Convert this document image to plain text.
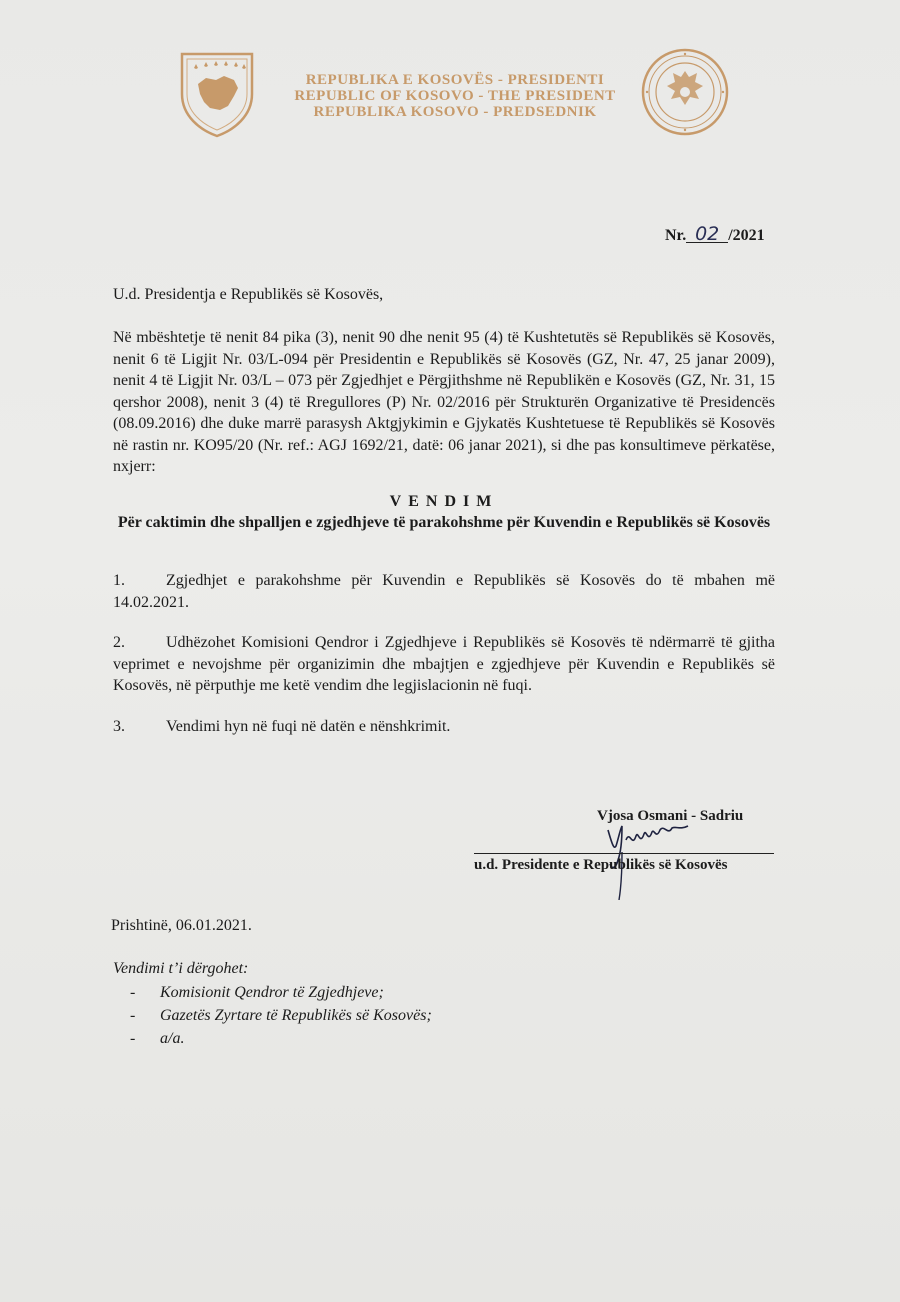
REPUBLIKA E KOSOVËS - PRESIDENTI
REPUBLIC OF KOSOVO - THE PRESIDENT
REPUBLIKA KOSOVO - PREDSEDNIK
Nr. 02 /2021
U.d. Presidentja e Republikës së Kosovës,
Në mbështetje të nenit 84 pika (3), nenit 90 dhe nenit 95 (4) të Kushtetutës së Republikës së Kosovës, nenit 6 të Ligjit Nr. 03/L-094 për Presidentin e Republikës së Kosovës (GZ, Nr. 47, 25 janar 2009), nenit 4 të Ligjit Nr. 03/L – 073 për Zgjedhjet e Përgjithshme në Republikën e Kosovës (GZ, Nr. 31, 15 qershor 2008), nenit 3 (4) të Rregullores (P) Nr. 02/2016 për Strukturën Organizative të Presidencës (08.09.2016) dhe duke marrë parasysh Aktgjykimin e Gjykatës Kushtetuese të Republikës së Kosovës në rastin nr. KO95/20 (Nr. ref.: AGJ 1692/21, datë: 06 janar 2021), si dhe pas konsultimeve përkatëse, nxjerr:
VENDIM
Për caktimin dhe shpalljen e zgjedhjeve të parakohshme për Kuvendin e Republikës së Kosovës
1.	Zgjedhjet e parakohshme për Kuvendin e Republikës së Kosovës do të mbahen më 14.02.2021.
2.	Udhëzohet Komisioni Qendror i Zgjedhjeve i Republikës së Kosovës të ndërmarrë të gjitha veprimet e nevojshme për organizimin dhe mbajtjen e zgjedhjeve për Kuvendin e Republikës së Kosovës, në përputhje me ketë vendim dhe legjislacionin në fuqi.
3.	Vendimi hyn në fuqi në datën e nënshkrimit.
Vjosa Osmani - Sadriu
u.d. Presidente e Republikës së Kosovës
Prishtinë, 06.01.2021.
Vendimi t’i dërgohet:
- Komisionit Qendror të Zgjedhjeve;
- Gazetës Zyrtare të Republikës së Kosovës;
- a/a.
